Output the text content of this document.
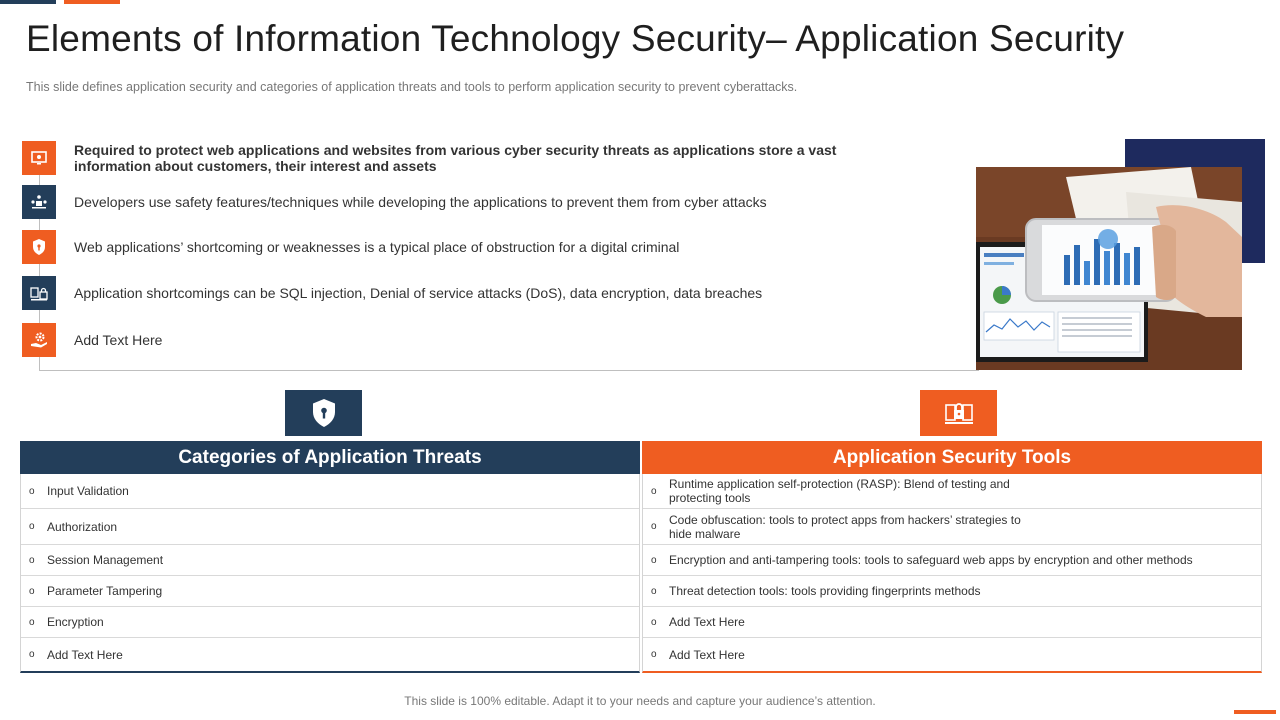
Elements of Information Technology Security– Application Security
This slide defines application security and categories of application threats and tools to perform application security to prevent cyberattacks.
Required to protect web applications and websites from various cyber security threats as applications store a vast information about customers, their interest and assets
Developers use safety features/techniques while developing the applications to prevent them from cyber attacks
Web applications’ shortcoming or weaknesses is a typical place of obstruction for a digital criminal
Application shortcomings can be SQL injection, Denial of service attacks (DoS), data encryption, data breaches
Add Text Here
Categories of Application Threats
o	Input Validation
o	Authorization
o	Session Management
o	Parameter Tampering
o	Encryption
o	Add Text Here
Application Security Tools
o	Runtime application self-protection (RASP): Blend of testing and protecting tools
o	Code obfuscation: tools to protect apps from hackers’ strategies to hide malware
o	Encryption and anti-tampering tools: tools to safeguard web apps by encryption and other methods
o	Threat detection tools: tools providing fingerprints methods
o	Add Text Here
o	Add Text Here
This slide is 100% editable. Adapt it to your needs and capture your audience’s attention.
